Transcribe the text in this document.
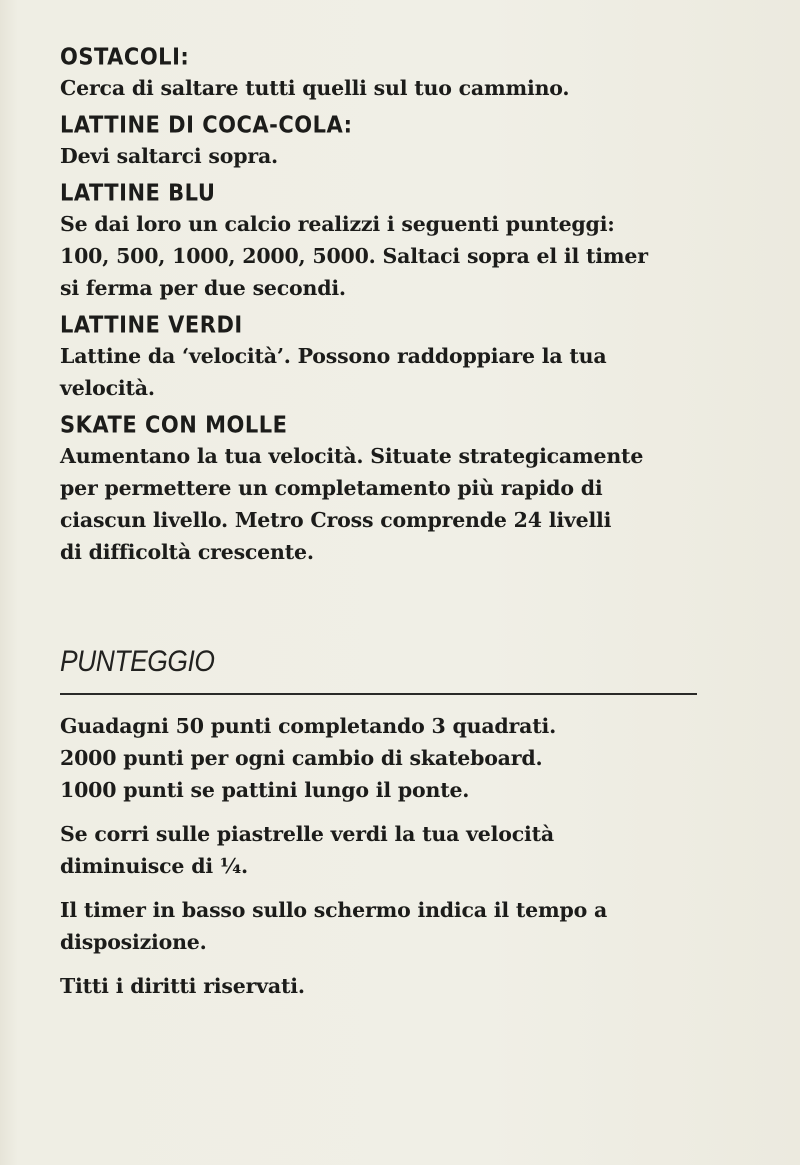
OSTACOLI:

Cerca di saltare tutti quelli sul tuo cammino.

LATTINE DI COCA-COLA:

Devi saltarci sopra.

LATTINE BLU

Se dai loro un calcio realizzi i seguenti punteggi:
100, 500, 1000, 2000, 5000. Saltaci sopra el il timer
si ferma per due secondi.

LATTINE VERDI

Lattine da ‘velocità’. Possono raddoppiare la tua
velocità.

SKATE CON MOLLE

Aumentano la tua velocità. Situate strategicamente
per permettere un completamento più rapido di
ciascun livello. Metro Cross comprende 24 livelli
di difficoltà crescente.

PUNTEGGIO

Guadagni 50 punti completando 3 quadrati.
2000 punti per ogni cambio di skateboard.
1000 punti se pattini lungo il ponte.

Se corri sulle piastrelle verdi la tua velocità
diminuisce di ¼.

Il timer in basso sullo schermo indica il tempo a
disposizione.

Titti i diritti riservati.
